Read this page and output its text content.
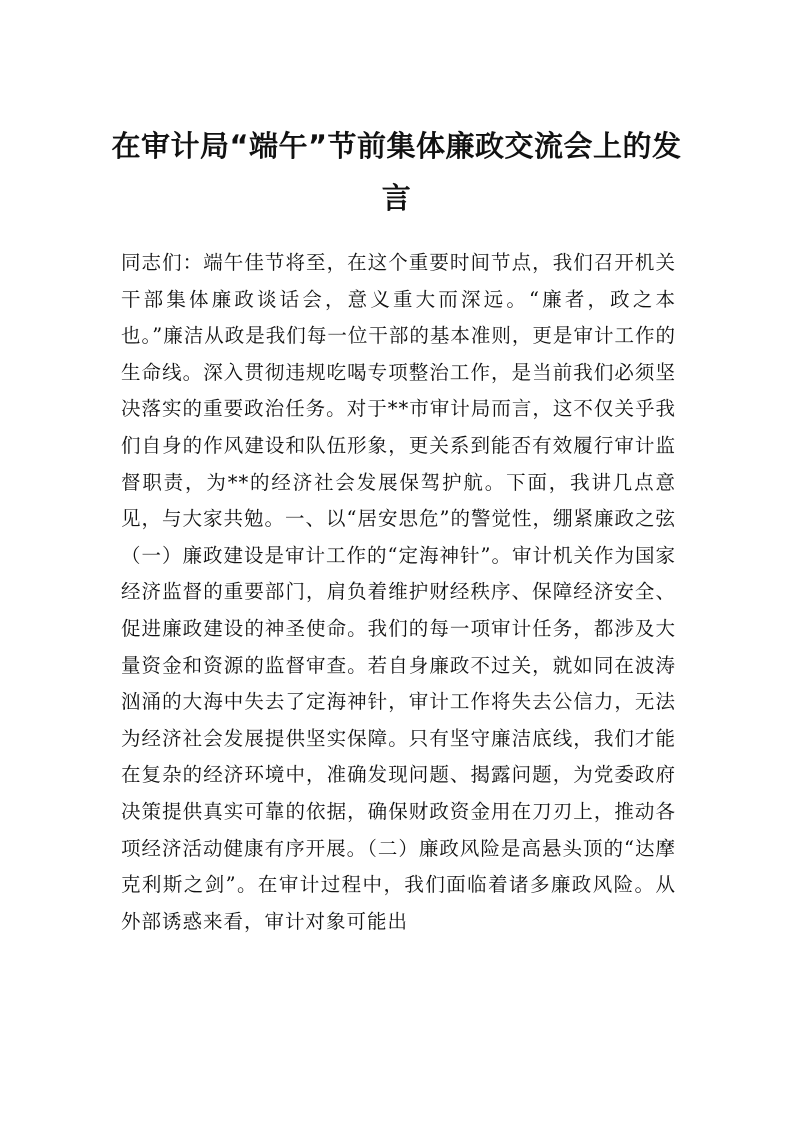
在审计局“端午”节前集体廉政交流会上的发言

同志们：端午佳节将至，在这个重要时间节点，我们召开机关干部集体廉政谈话会，意义重大而深远。“廉者，政之本也。”廉洁从政是我们每一位干部的基本准则，更是审计工作的生命线。深入贯彻违规吃喝专项整治工作，是当前我们必须坚决落实的重要政治任务。对于**市审计局而言，这不仅关乎我们自身的作风建设和队伍形象，更关系到能否有效履行审计监督职责，为**的经济社会发展保驾护航。下面，我讲几点意见，与大家共勉。一、以“居安思危”的警觉性，绷紧廉政之弦（一）廉政建设是审计工作的“定海神针”。审计机关作为国家经济监督的重要部门，肩负着维护财经秩序、保障经济安全、促进廉政建设的神圣使命。我们的每一项审计任务，都涉及大量资金和资源的监督审查。若自身廉政不过关，就如同在波涛汹涌的大海中失去了定海神针，审计工作将失去公信力，无法为经济社会发展提供坚实保障。只有坚守廉洁底线，我们才能在复杂的经济环境中，准确发现问题、揭露问题，为党委政府决策提供真实可靠的依据，确保财政资金用在刀刃上，推动各项经济活动健康有序开展。（二）廉政风险是高悬头顶的“达摩克利斯之剑”。在审计过程中，我们面临着诸多廉政风险。从外部诱惑来看，审计对象可能出
